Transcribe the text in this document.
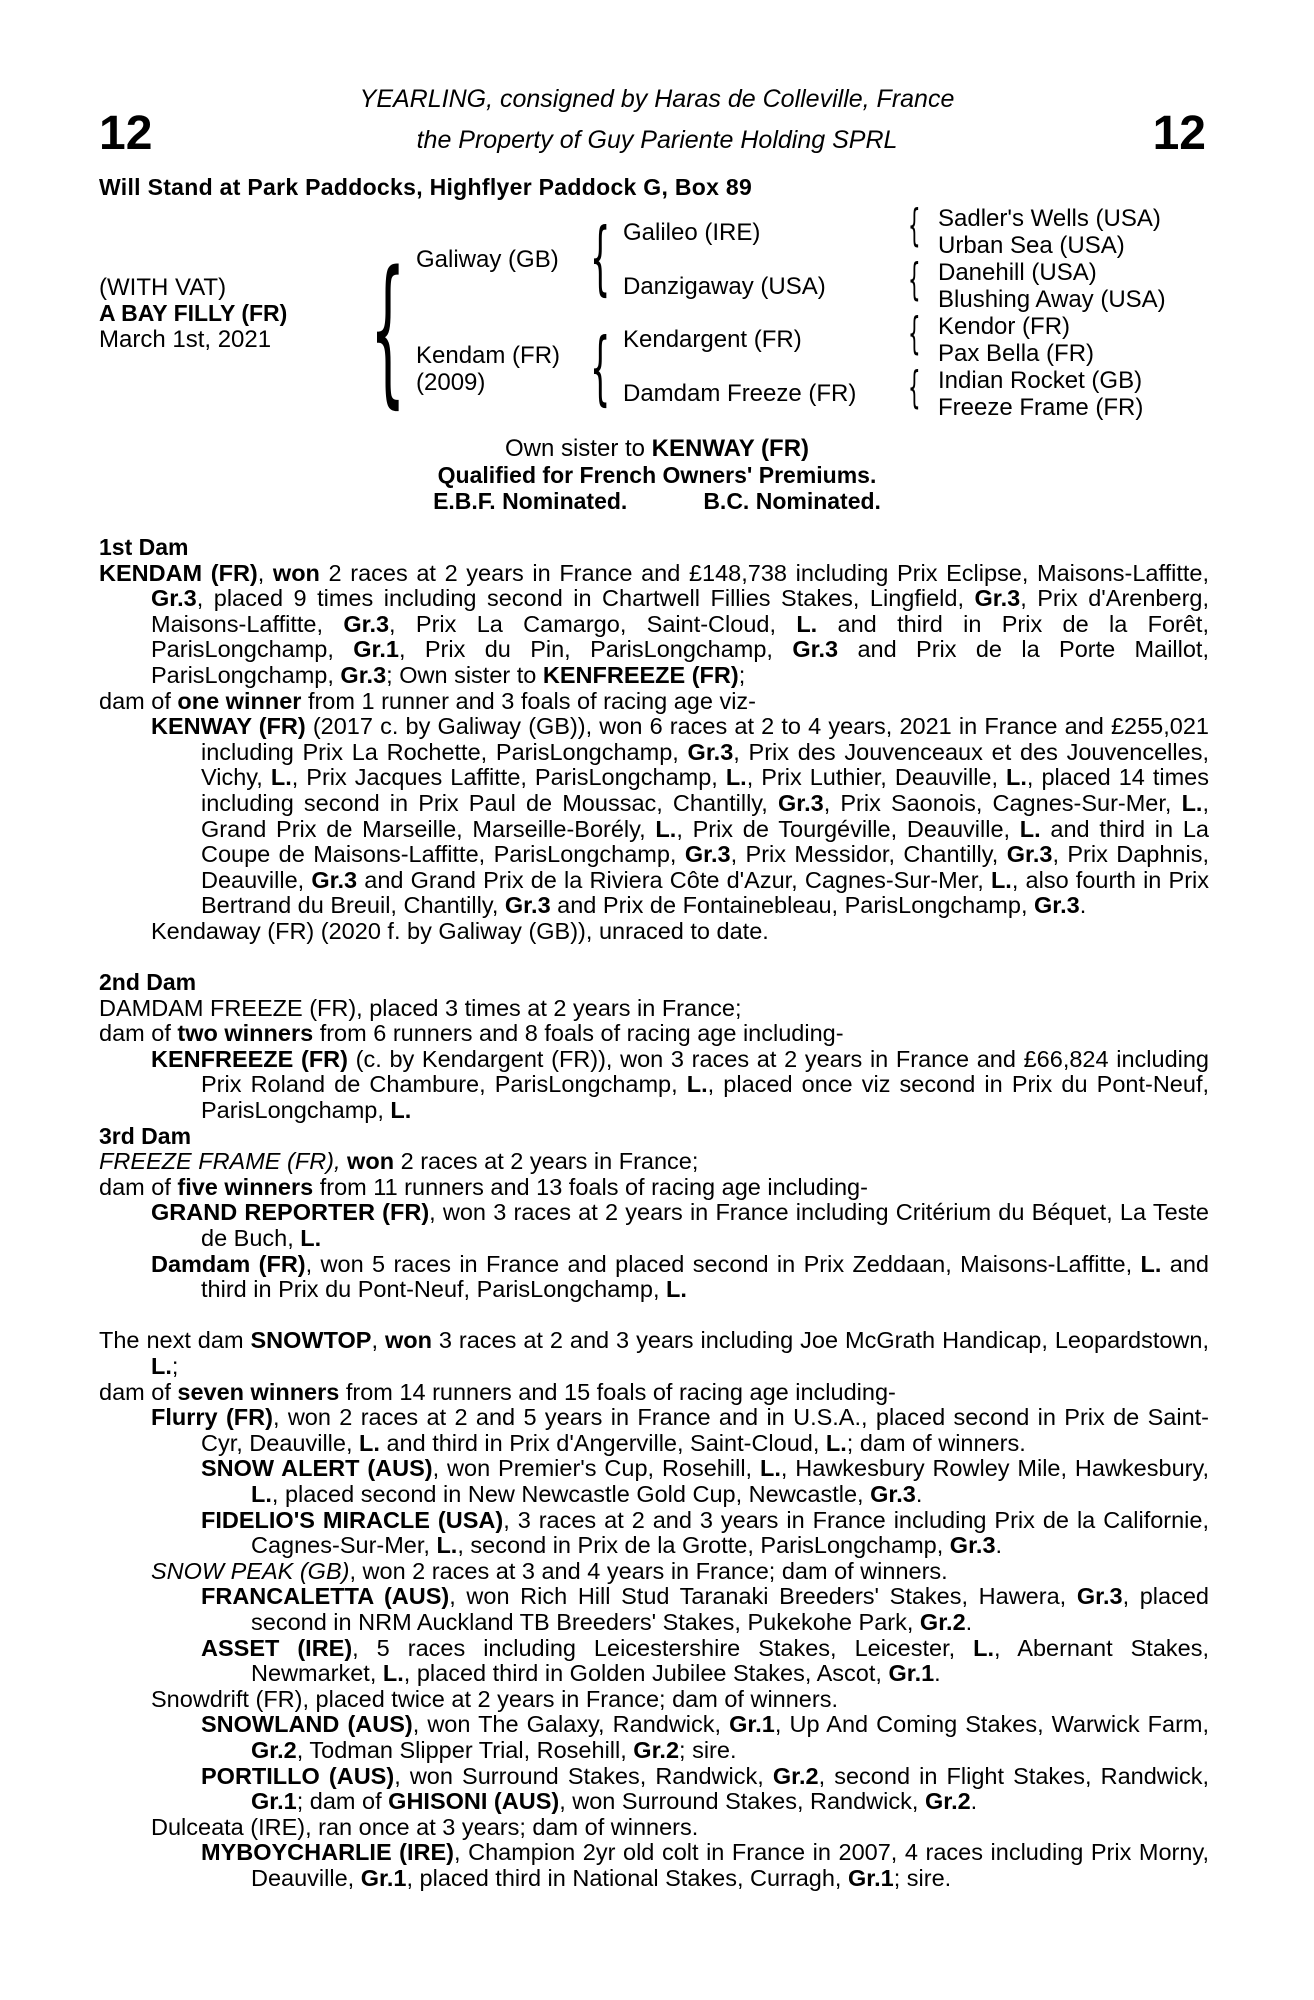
12	12
YEARLING, consigned by Haras de Colleville, France
the Property of Guy Pariente Holding SPRL
Will Stand at Park Paddocks, Highflyer Paddock G, Box 89
(WITH VAT)
A BAY FILLY (FR)
March 1st, 2021 { Galiway (GB)
Kendam (FR)
(2009)
{
{
Galileo (IRE)
Danzigaway (USA)
Kendargent (FR)
Damdam Freeze (FR)
{
{
{
{
Sadler's Wells (USA)
Urban Sea (USA)
Danehill (USA)
Blushing Away (USA)
Kendor (FR)
Pax Bella (FR)
Indian Rocket (GB)
Freeze Frame (FR)
Own sister to KENWAY (FR)
Qualified for French Owners' Premiums.
E.B.F. Nominated.	B.C. Nominated.
1st Dam

KENDAM (FR), won 2 races at 2 years in France and £148,738 including Prix Eclipse, Maisons-Laffitte, Gr.3, placed 9 times including second in Chartwell Fillies Stakes, Lingfield, Gr.3, Prix d'Arenberg, Maisons-Laffitte, Gr.3, Prix La Camargo, Saint-Cloud, L. and third in Prix de la Forêt, ParisLongchamp, Gr.1, Prix du Pin, ParisLongchamp, Gr.3 and Prix de la Porte Maillot, ParisLongchamp, Gr.3; Own sister to KENFREEZE (FR);

dam of one winner from 1 runner and 3 foals of racing age viz-

KENWAY (FR) (2017 c. by Galiway (GB)), won 6 races at 2 to 4 years, 2021 in France and £255,021 including Prix La Rochette, ParisLongchamp, Gr.3, Prix des Jouvenceaux et des Jouvencelles, Vichy, L., Prix Jacques Laffitte, ParisLongchamp, L., Prix Luthier, Deauville, L., placed 14 times including second in Prix Paul de Moussac, Chantilly, Gr.3, Prix Saonois, Cagnes-Sur-Mer, L., Grand Prix de Marseille, Marseille-Borély, L., Prix de Tourgéville, Deauville, L. and third in La Coupe de Maisons-Laffitte, ParisLongchamp, Gr.3, Prix Messidor, Chantilly, Gr.3, Prix Daphnis, Deauville, Gr.3 and Grand Prix de la Riviera Côte d'Azur, Cagnes-Sur-Mer, L., also fourth in Prix Bertrand du Breuil, Chantilly, Gr.3 and Prix de Fontainebleau, ParisLongchamp, Gr.3.

Kendaway (FR) (2020 f. by Galiway (GB)), unraced to date.

2nd Dam

DAMDAM FREEZE (FR), placed 3 times at 2 years in France;

dam of two winners from 6 runners and 8 foals of racing age including-

KENFREEZE (FR) (c. by Kendargent (FR)), won 3 races at 2 years in France and £66,824 including Prix Roland de Chambure, ParisLongchamp, L., placed once viz second in Prix du Pont-Neuf, ParisLongchamp, L.

3rd Dam

FREEZE FRAME (FR), won 2 races at 2 years in France;

dam of five winners from 11 runners and 13 foals of racing age including-

GRAND REPORTER (FR), won 3 races at 2 years in France including Critérium du Béquet, La Teste de Buch, L.

Damdam (FR), won 5 races in France and placed second in Prix Zeddaan, Maisons-Laffitte, L. and third in Prix du Pont-Neuf, ParisLongchamp, L.

The next dam SNOWTOP, won 3 races at 2 and 3 years including Joe McGrath Handicap, Leopardstown, L.;

dam of seven winners from 14 runners and 15 foals of racing age including-

Flurry (FR), won 2 races at 2 and 5 years in France and in U.S.A., placed second in Prix de Saint-Cyr, Deauville, L. and third in Prix d'Angerville, Saint-Cloud, L.; dam of winners.

SNOW ALERT (AUS), won Premier's Cup, Rosehill, L., Hawkesbury Rowley Mile, Hawkesbury, L., placed second in New Newcastle Gold Cup, Newcastle, Gr.3.

FIDELIO'S MIRACLE (USA), 3 races at 2 and 3 years in France including Prix de la Californie, Cagnes-Sur-Mer, L., second in Prix de la Grotte, ParisLongchamp, Gr.3.

SNOW PEAK (GB), won 2 races at 3 and 4 years in France; dam of winners.

FRANCALETTA (AUS), won Rich Hill Stud Taranaki Breeders' Stakes, Hawera, Gr.3, placed second in NRM Auckland TB Breeders' Stakes, Pukekohe Park, Gr.2.

ASSET (IRE), 5 races including Leicestershire Stakes, Leicester, L., Abernant Stakes, Newmarket, L., placed third in Golden Jubilee Stakes, Ascot, Gr.1.

Snowdrift (FR), placed twice at 2 years in France; dam of winners.

SNOWLAND (AUS), won The Galaxy, Randwick, Gr.1, Up And Coming Stakes, Warwick Farm, Gr.2, Todman Slipper Trial, Rosehill, Gr.2; sire.

PORTILLO (AUS), won Surround Stakes, Randwick, Gr.2, second in Flight Stakes, Randwick, Gr.1; dam of GHISONI (AUS), won Surround Stakes, Randwick, Gr.2.

Dulceata (IRE), ran once at 3 years; dam of winners.

MYBOYCHARLIE (IRE), Champion 2yr old colt in France in 2007, 4 races including Prix Morny, Deauville, Gr.1, placed third in National Stakes, Curragh, Gr.1; sire.
